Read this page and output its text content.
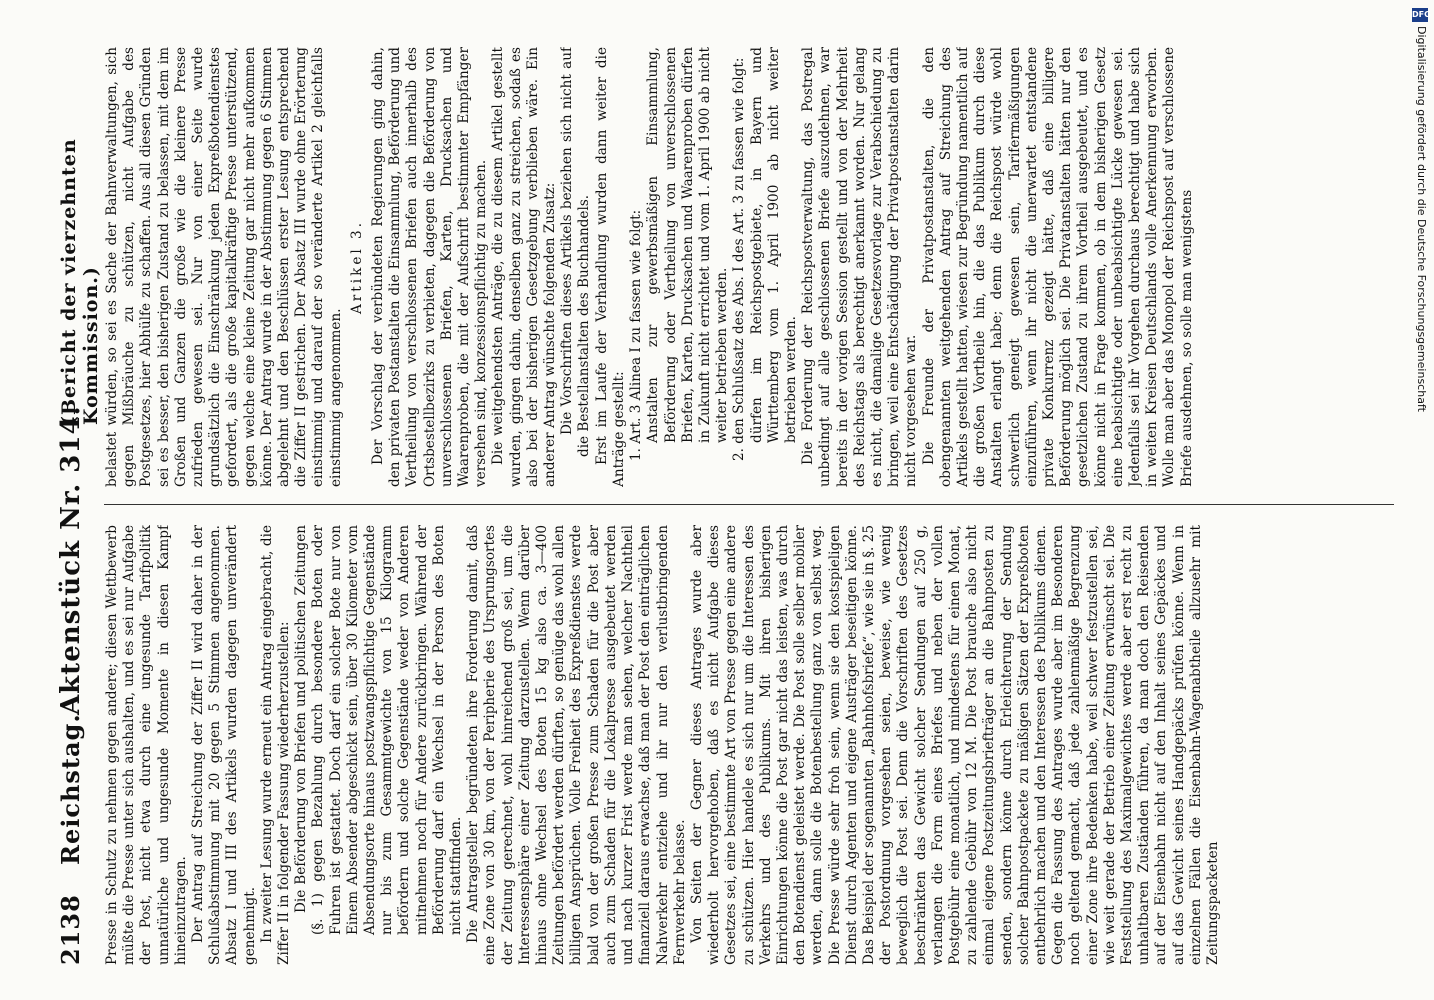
2138
Reichstag.
Aktenstück Nr. 314.
(Bericht der vierzehnten Kommission.)

Presse in Schutz zu nehmen gegen andere; diesen Wettbewerb müßte die Presse unter sich aushalten, und es sei nur Aufgabe der Post, nicht etwa durch eine ungesunde Tarifpolitik unnatürliche und ungesunde Momente in diesen Kampf hineinzutragen. Der Antrag auf Streichung der Ziffer II wird daher in der Schlußabstimmung mit 20 gegen 5 Stimmen angenommen. Absatz I und III des Artikels wurden dagegen unverändert genehmigt. In zweiter Lesung wurde erneut ein Antrag eingebracht, die Ziffer II in folgender Fassung wiederherzustellen: Die Beförderung von Briefen und politischen Zeitungen (§. 1) gegen Bezahlung durch besondere Boten oder Fuhren ist gestattet. Doch darf ein solcher Bote nur von Einem Absender abgeschickt sein, über 30 Kilometer vom Absendungsorte hinaus postzwangspflichtige Gegenstände nur bis zum Gesammtgewichte von 15 Kilogramm befördern und solche Gegenstände weder von Anderen mitnehmen noch für Andere zurückbringen. Während der Beförderung darf ein Wechsel in der Person des Boten nicht stattfinden. Die Antragsteller begründeten ihre Forderung damit, daß eine Zone von 30 km, von der Peripherie des Ursprungsortes der Zeitung gerechnet, wohl hinreichend groß sei, um die Interessensphäre einer Zeitung darzustellen. Wenn darüber hinaus ohne Wechsel des Boten 15 kg also ca. 3—400 Zeitungen befördert werden dürften, so genüge das wohl allen billigen Ansprüchen. Volle Freiheit des Expreßdienstes werde bald von der großen Presse zum Schaden für die Post aber auch zum Schaden für die Lokalpresse ausgebeutet werden und nach kurzer Frist werde man sehen, welcher Nachtheil finanziell daraus erwachse, daß man der Post den einträglichen Nahverkehr entziehe und ihr nur den verlustbringenden Fernverkehr belasse. Von Seiten der Gegner dieses Antrages wurde aber wiederholt hervorgehoben, daß es nicht Aufgabe dieses Gesetzes sei, eine bestimmte Art von Presse gegen eine andere zu schützen. Hier handele es sich nur um die Interessen des Verkehrs und des Publikums. Mit ihren bisherigen Einrichtungen könne die Post gar nicht das leisten, was durch den Botendienst geleistet werde. Die Post solle selber mobiler werden, dann solle die Botenbestellung ganz von selbst weg. Die Presse würde sehr froh sein, wenn sie den kostspieligen Dienst durch Agenten und eigene Austräger beseitigen könne. Das Beispiel der sogenannten „Bahnhofsbriefe“, wie sie in §. 25 der Postordnung vorgesehen seien, beweise, wie wenig beweglich die Post sei. Denn die Vorschriften des Gesetzes beschränkten das Gewicht solcher Sendungen auf 250 g, verlangen die Form eines Briefes und neben der vollen Postgebühr eine monatlich, und mindestens für einen Monat, zu zahlende Gebühr von 12 M. Die Post brauche also nicht einmal eigene Postzeitungsbriefträger an die Bahnposten zu senden, sondern könne durch Erleichterung der Sendung solcher Bahnpostpackete zu mäßigen Sätzen der Expreßboten entbehrlich machen und den Interessen des Publikums dienen. Gegen die Fassung des Antrages wurde aber im Besonderen noch geltend gemacht, daß jede zahlenmäßige Begrenzung einer Zone ihre Bedenken habe, weil schwer festzustellen sei, wie weit gerade der Betrieb einer Zeitung erwünscht sei. Die Feststellung des Maximalgewichtes werde aber erst recht zu unhaltbaren Zuständen führen, da man doch den Reisenden auf der Eisenbahn nicht auf den Inhalt seines Gepäckes und auf das Gewicht seines Handgepäcks prüfen könne. Wenn in einzelnen Fällen die Eisenbahn-Wagenabtheile allzusehr mit Zeitungspacketen

belastet würden, so sei es Sache der Bahnverwaltungen, sich gegen Mißbräuche zu schützen, nicht Aufgabe des Postgesetzes, hier Abhülfe zu schaffen. Aus all diesen Gründen sei es besser, den bisherigen Zustand zu belassen, mit dem im Großen und Ganzen die große wie die kleinere Presse zufrieden gewesen sei. Nur von einer Seite wurde grundsätzlich die Einschränkung jeden Expreßbotendienstes gefordert, als die große kapitalkräftige Presse unterstützend, gegen welche eine kleine Zeitung gar nicht mehr aufkommen könne. Der Antrag wurde in der Abstimmung gegen 6 Stimmen abgelehnt und den Beschlüssen erster Lesung entsprechend die Ziffer II gestrichen. Der Absatz III wurde ohne Erörterung einstimmig und darauf der so veränderte Artikel 2 gleichfalls einstimmig angenommen.

Artikel 3. Der Vorschlag der verbündeten Regierungen ging dahin, den privaten Postanstalten die Einsammlung, Beförderung und Vertheilung von verschlossenen Briefen auch innerhalb des Ortsbestellbezirks zu verbieten, dagegen die Beförderung von unverschlossenen Briefen, Karten, Drucksachen und Waarenproben, die mit der Aufschrift bestimmter Empfänger versehen sind, konzessionspflichtig zu machen. Die weitgehendsten Anträge, die zu diesem Artikel gestellt wurden, gingen dahin, denselben ganz zu streichen, sodaß es also bei der bisherigen Gesetzgebung verblieben wäre. Ein anderer Antrag wünschte folgenden Zusatz: Die Vorschriften dieses Artikels beziehen sich nicht auf die Bestellanstalten des Buchhandels. Erst im Laufe der Verhandlung wurden dann weiter die Anträge gestellt: 1. Art. 3 Alinea I zu fassen wie folgt: Anstalten zur gewerbsmäßigen Einsammlung, Beförderung oder Vertheilung von unverschlossenen Briefen, Karten, Drucksachen und Waarenproben dürfen in Zukunft nicht errichtet und vom 1. April 1900 ab nicht weiter betrieben werden. 2. den Schlußsatz des Abs. I des Art. 3 zu fassen wie folgt: dürfen im Reichspostgebiete, in Bayern und Württemberg vom 1. April 1900 ab nicht weiter betrieben werden. Die Forderung der Reichspostverwaltung, das Postregal unbedingt auf alle geschlossenen Briefe auszudehnen, war bereits in der vorigen Session gestellt und von der Mehrheit des Reichstags als berechtigt anerkannt worden. Nur gelang es nicht, die damalige Gesetzesvorlage zur Verabschiedung zu bringen, weil eine Entschädigung der Privatpostanstalten darin nicht vorgesehen war. Die Freunde der Privatpostanstalten, die den obengenannten weitgehenden Antrag auf Streichung des Artikels gestellt hatten, wiesen zur Begründung namentlich auf die großen Vortheile hin, die das Publikum durch diese Anstalten erlangt habe; denn die Reichspost würde wohl schwerlich geneigt gewesen sein, Tarifermäßigungen einzuführen, wenn ihr nicht die unerwartet entstandene private Konkurrenz gezeigt hätte, daß eine billigere Beförderung möglich sei. Die Privatanstalten hätten nur den gesetzlichen Zustand zu ihrem Vortheil ausgebeutet, und es könne nicht in Frage kommen, ob in dem bisherigen Gesetz eine beabsichtigte oder unbeabsichtigte Lücke gewesen sei. Jedenfalls sei ihr Vorgehen durchaus berechtigt und habe sich in weiten Kreisen Deutschlands volle Anerkennung erworben. Wolle man aber das Monopol der Reichspost auf verschlossene Briefe ausdehnen, so solle man wenigstens

DFG
Digitalisierung gefördert durch die Deutsche Forschungsgemeinschaft
